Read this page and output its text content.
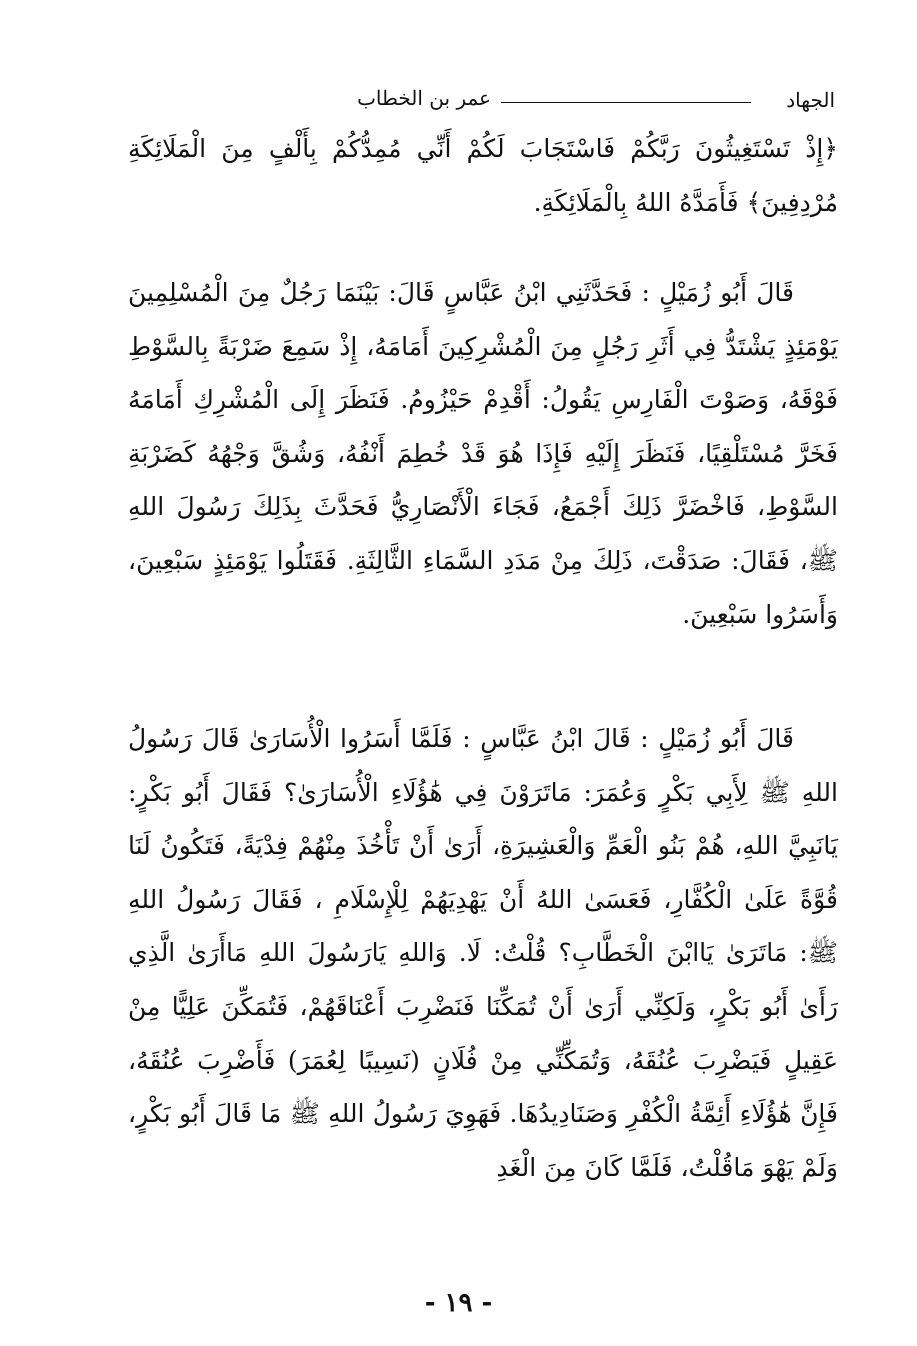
الجهاد
عمر بن الخطاب

﴿إِذْ تَسْتَغِيثُونَ رَبَّكُمْ فَاسْتَجَابَ لَكُمْ أَنِّي مُمِدُّكُمْ بِأَلْفٍ مِنَ الْمَلَائِكَةِ مُرْدِفِينَ﴾ فَأَمَدَّهُ اللهُ بِالْمَلَائِكَةِ.

قَالَ أَبُو زُمَيْلٍ : فَحَدَّثَنِي ابْنُ عَبَّاسٍ قَالَ: بَيْنَمَا رَجُلٌ مِنَ الْمُسْلِمِينَ يَوْمَئِذٍ يَشْتَدُّ فِي أَثَرِ رَجُلٍ مِنَ الْمُشْرِكِينَ أَمَامَهُ، إِذْ سَمِعَ ضَرْبَةً بِالسَّوْطِ فَوْقَهُ، وَصَوْتَ الْفَارِسِ يَقُولُ: أَقْدِمْ حَيْزُومُ. فَنَظَرَ إِلَى الْمُشْرِكِ أَمَامَهُ فَخَرَّ مُسْتَلْقِيًا، فَنَظَرَ إِلَيْهِ فَإِذَا هُوَ قَدْ خُطِمَ أَنْفُهُ، وَشُقَّ وَجْهُهُ كَضَرْبَةِ السَّوْطِ، فَاخْضَرَّ ذَلِكَ أَجْمَعُ، فَجَاءَ الْأَنْصَارِيُّ فَحَدَّثَ بِذَلِكَ رَسُولَ اللهِ ﷺ، فَقَالَ: صَدَقْتَ، ذَلِكَ مِنْ مَدَدِ السَّمَاءِ الثَّالِثَةِ. فَقَتَلُوا يَوْمَئِذٍ سَبْعِينَ، وَأَسَرُوا سَبْعِينَ.

قَالَ أَبُو زُمَيْلٍ : قَالَ ابْنُ عَبَّاسٍ : فَلَمَّا أَسَرُوا الْأُسَارَىٰ قَالَ رَسُولُ اللهِ ﷺ لِأَبِي بَكْرٍ وَعُمَرَ: مَاتَرَوْنَ فِي هَٰؤُلَاءِ الْأُسَارَىٰ؟ فَقَالَ أَبُو بَكْرٍ: يَانَبِيَّ اللهِ، هُمْ بَنُو الْعَمِّ وَالْعَشِيرَةِ، أَرَىٰ أَنْ تَأْخُذَ مِنْهُمْ فِدْيَةً، فَتَكُونُ لَنَا قُوَّةً عَلَىٰ الْكُفَّارِ، فَعَسَىٰ اللهُ أَنْ يَهْدِيَهُمْ لِلْإِسْلَامِ ، فَقَالَ رَسُولُ اللهِ ﷺ: مَاتَرَىٰ يَاابْنَ الْخَطَّابِ؟ قُلْتُ: لَا. وَاللهِ يَارَسُولَ اللهِ مَاأَرَىٰ الَّذِي رَأَىٰ أَبُو بَكْرٍ، وَلَكِنِّي أَرَىٰ أَنْ تُمَكِّنَا فَنَضْرِبَ أَعْنَاقَهُمْ، فَتُمَكِّنَ عَلِيًّا مِنْ عَقِيلٍ فَيَضْرِبَ عُنُقَهُ، وَتُمَكِّنِّي مِنْ فُلَانٍ (نَسِيبًا لِعُمَرَ) فَأَضْرِبَ عُنُقَهُ، فَإِنَّ هَٰؤُلَاءِ أَئِمَّةُ الْكُفْرِ وَصَنَادِيدُهَا. فَهَوِيَ رَسُولُ اللهِ ﷺ مَا قَالَ أَبُو بَكْرٍ، وَلَمْ يَهْوَ مَاقُلْتُ، فَلَمَّا كَانَ مِنَ الْغَدِ

- ١٩ -
